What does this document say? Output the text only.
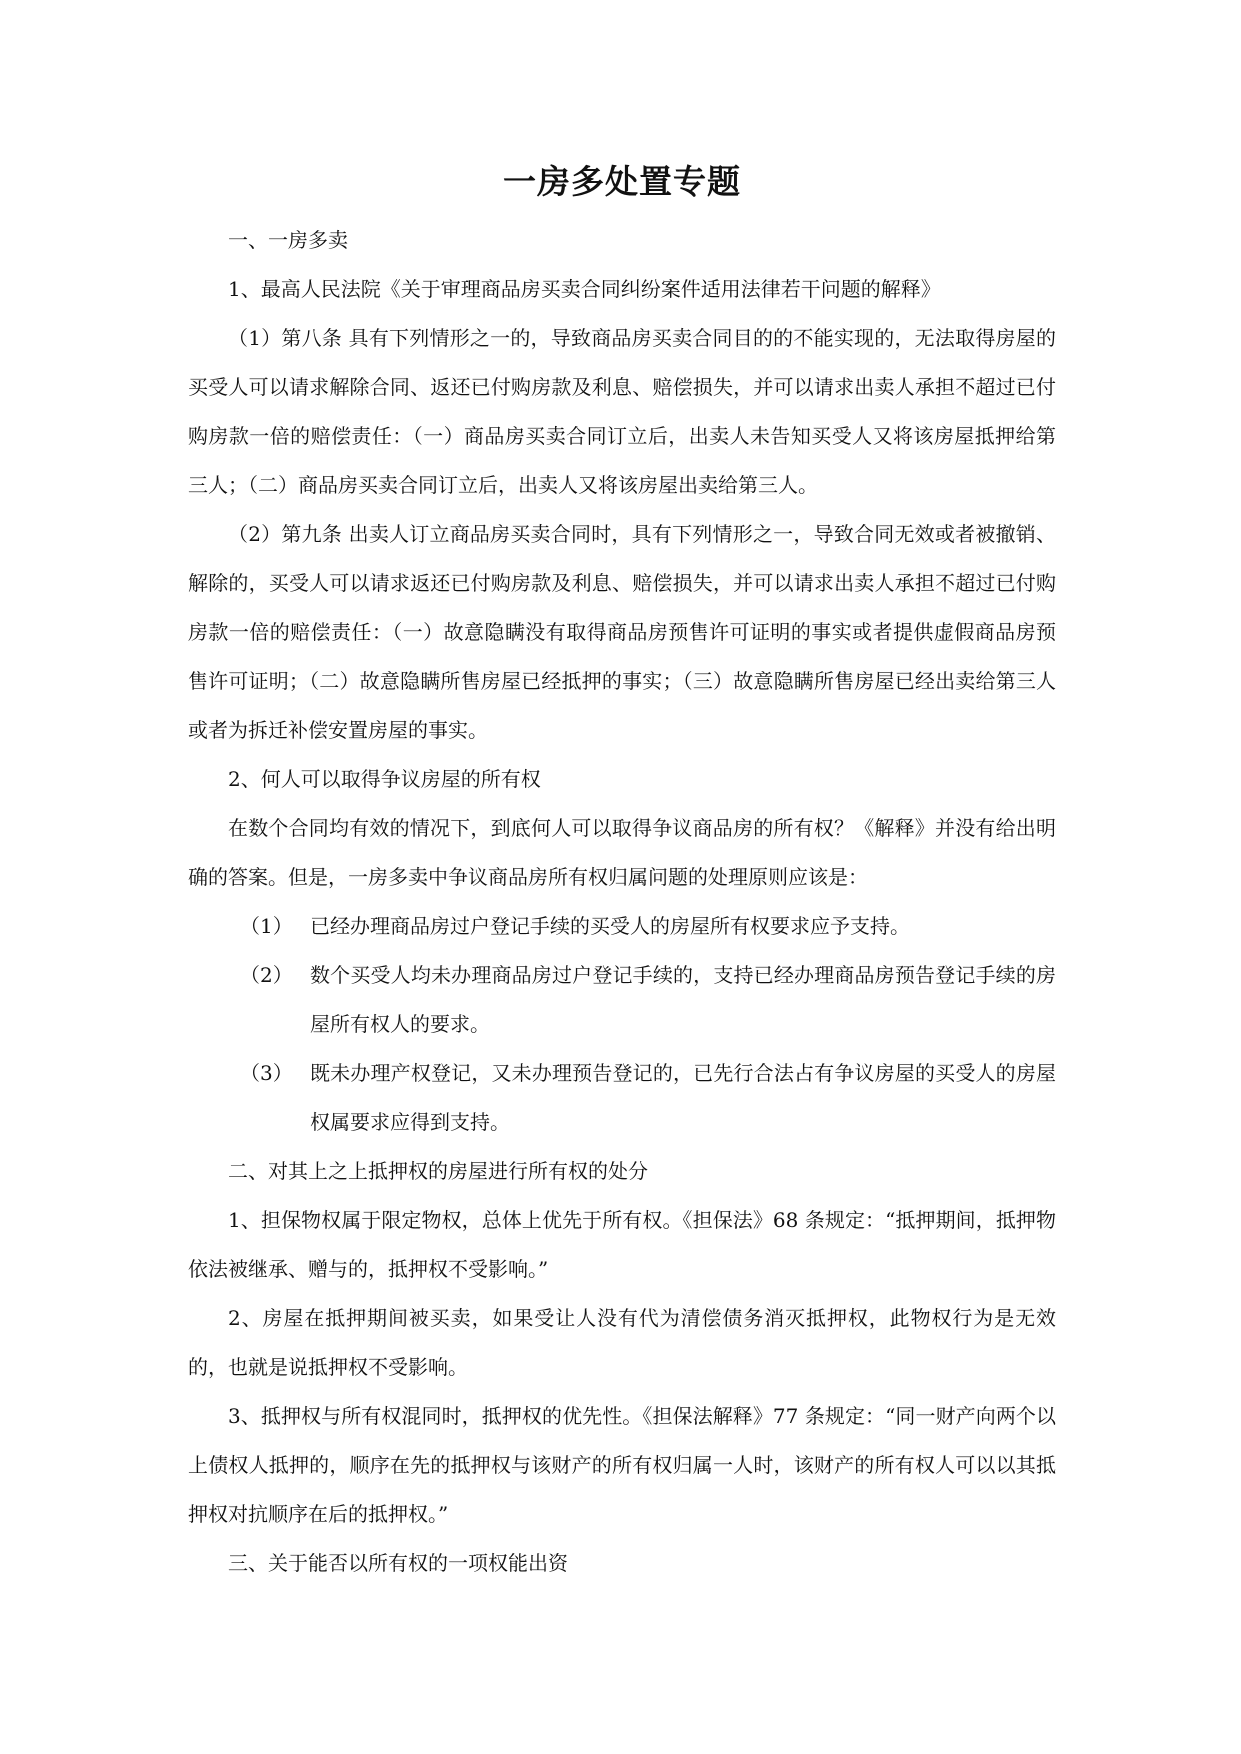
一房多处置专题

一、一房多卖

1、最高人民法院《关于审理商品房买卖合同纠纷案件适用法律若干问题的解释》

（1）第八条 具有下列情形之一的，导致商品房买卖合同目的的不能实现的，无法取得房屋的买受人可以请求解除合同、返还已付购房款及利息、赔偿损失，并可以请求出卖人承担不超过已付购房款一倍的赔偿责任：（一）商品房买卖合同订立后，出卖人未告知买受人又将该房屋抵押给第三人；（二）商品房买卖合同订立后，出卖人又将该房屋出卖给第三人。

（2）第九条 出卖人订立商品房买卖合同时，具有下列情形之一，导致合同无效或者被撤销、解除的，买受人可以请求返还已付购房款及利息、赔偿损失，并可以请求出卖人承担不超过已付购房款一倍的赔偿责任：（一）故意隐瞒没有取得商品房预售许可证明的事实或者提供虚假商品房预售许可证明；（二）故意隐瞒所售房屋已经抵押的事实；（三）故意隐瞒所售房屋已经出卖给第三人或者为拆迁补偿安置房屋的事实。

2、何人可以取得争议房屋的所有权

在数个合同均有效的情况下，到底何人可以取得争议商品房的所有权？《解释》并没有给出明确的答案。但是，一房多卖中争议商品房所有权归属问题的处理原则应该是：

（1） 已经办理商品房过户登记手续的买受人的房屋所有权要求应予支持。
（2） 数个买受人均未办理商品房过户登记手续的，支持已经办理商品房预告登记手续的房屋所有权人的要求。
（3） 既未办理产权登记，又未办理预告登记的，已先行合法占有争议房屋的买受人的房屋权属要求应得到支持。

二、对其上之上抵押权的房屋进行所有权的处分

1、担保物权属于限定物权，总体上优先于所有权。《担保法》68 条规定：“抵押期间，抵押物依法被继承、赠与的，抵押权不受影响。”

2、房屋在抵押期间被买卖，如果受让人没有代为清偿债务消灭抵押权，此物权行为是无效的，也就是说抵押权不受影响。

3、抵押权与所有权混同时，抵押权的优先性。《担保法解释》77 条规定：“同一财产向两个以上债权人抵押的，顺序在先的抵押权与该财产的所有权归属一人时，该财产的所有权人可以以其抵押权对抗顺序在后的抵押权。”

三、关于能否以所有权的一项权能出资
